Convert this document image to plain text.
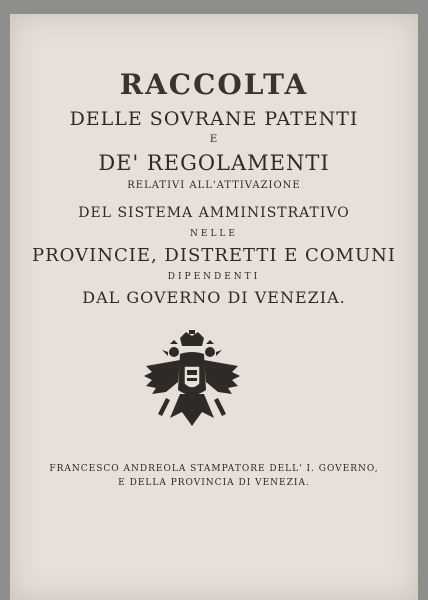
RACCOLTA
DELLE SOVRANE PATENTI
E
DE' REGOLAMENTI
RELATIVI ALL'ATTIVAZIONE
DEL SISTEMA AMMINISTRATIVO
NELLE
PROVINCIE, DISTRETTI E COMUNI
DIPENDENTI
DAL GOVERNO DI VENEZIA.
FRANCESCO ANDREOLA STAMPATORE DELL' I. GOVERNO,
E DELLA PROVINCIA DI VENEZIA.
